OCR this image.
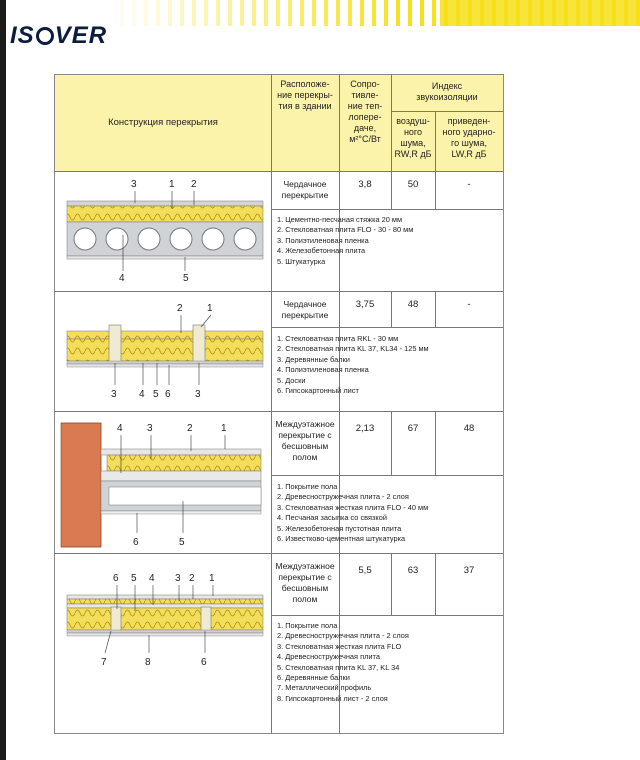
IS VER
Конструкция перекрытия
Расположе-
ние перекры-
тия в здании
Сопро-
тивле-
ние теп-
лопере-
даче,
м²°С/Вт
Индекс
звукоизоляции
воздуш-
ного
шума,
RW,R дБ
приведен-
ного ударно-
го шума,
LW,R дБ
Чердачное
перекрытие
3,8	50	-
1. Цементно-песчаная стяжка 20 мм
2. Стекловатная плита FLO - 30 - 80 мм
3. Полиэтиленовая пленка
4. Железобетонная плита
5. Штукатурка
3	1 2
4	5
Чердачное
перекрытие
3,75	48	-
1. Стекловатная плита RKL - 30 мм
2. Стекловатная плита KL 37, KL34 - 125 мм
3. Деревянные балки
4. Полиэтиленовая пленка
5. Доски
6. Гипсокартонный лист
2 1
3 4 5 6 3
Междуэтажное
перекрытие с
бесшовным
полом
2,13	67	48
1. Покрытие пола
2. Древесностружечная плита - 2 слоя
3. Стекловатная жесткая плита FLO - 40 мм
4. Песчаная засыпка со связкой
5. Железобетонная пустотная плита
6. Известково-цементная штукатурка
4 3	2	1
6	5
Междуэтажное
перекрытие с
бесшовным
полом
5,5	63	37
1. Покрытие пола
2. Древесностружечная плита - 2 слоя
3. Стекловатная жесткая плита FLO
4. Древесностружечная плита
5. Стекловатная плита KL 37, KL 34
6. Деревянные балки
7. Металлический профиль
8. Гипсокартонный лист - 2 слоя
6 5 4 3 2 1
7	8	6
